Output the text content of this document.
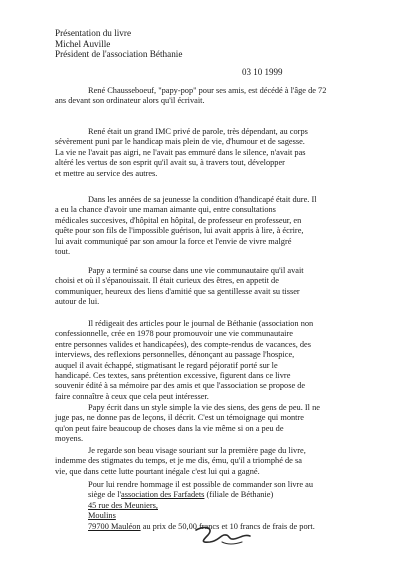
Présentation du livre
Michel Auville
Président de l'association Béthanie
03 10 1999
René Chausseboeuf, "papy-pop" pour ses amis, est décédé à l'âge de 72
ans devant son ordinateur alors qu'il écrivait.
René était un grand IMC privé de parole, très dépendant, au corps
sévèrement puni par le handicap mais plein de vie, d'humour et de sagesse.
La vie ne l'avait pas aigri, ne l'avait pas emmuré dans le silence, n'avait pas
altéré les vertus de son esprit qu'il avait su, à travers tout, développer
et mettre au service des autres.
Dans les années de sa jeunesse la condition d'handicapé était dure. Il
a eu la chance d'avoir une maman aimante qui, entre consultations
médicales succesives, d'hôpital en hôpital, de professeur en professeur, en
quête pour son fils de l'impossible guérison, lui avait appris à lire, à écrire,
lui avait communiqué par son amour la force et l'envie de vivre malgré
tout.
Papy a terminé sa course dans une vie communautaire qu'il avait
choisi et où il s'épanouissait. Il était curieux des êtres, en appetit de
communiquer, heureux des liens d'amitié que sa gentillesse avait su tisser
autour de lui.
Il rédigeait des articles pour le journal de Béthanie (association non
confessionnelle, crée en 1978 pour promouvoir une vie communautaire
entre personnes valides et handicapées), des compte-rendus de vacances, des
interviews, des reflexions personnelles, dénonçant au passage l'hospice,
auquel il avait échappé, stigmatisant le regard péjoratif porté sur le
handicapé. Ces textes, sans prétention excessive, figurent dans ce livre
souvenir édité à sa mémoire par des amis et que l'association se propose de
faire connaître à ceux que cela peut intéresser.
Papy écrit dans un style simple la vie des siens, des gens de peu. Il ne
juge pas, ne donne pas de leçons, il décrit. C'est un témoignage qui montre
qu'on peut faire beaucoup de choses dans la vie même si on a peu de
moyens.
Je regarde son beau visage souriant sur la première page du livre,
indemme des stigmates du temps, et je me dis, ému, qu'il a triomphé de sa
vie, que dans cette lutte pourtant inégale c'est lui qui a gagné.
Pour lui rendre hommage il est possible de commander son livre au
siège de l'association des Farfadets (filiale de Béthanie)
45 rue des Meuniers,
Moulins
79700 Mauléon au prix de 50,00 francs et 10 francs de frais de port.
